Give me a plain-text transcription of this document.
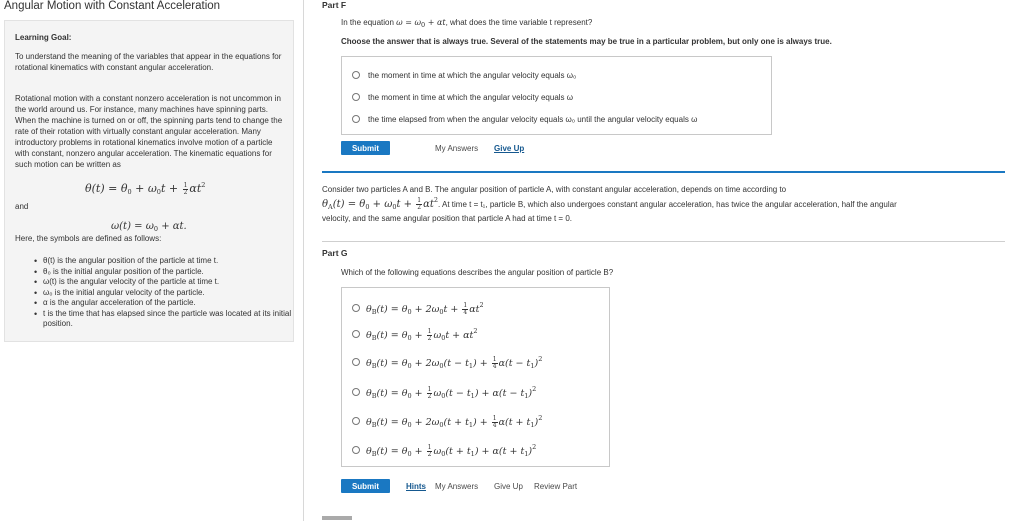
Angular Motion with Constant Acceleration
Learning Goal:
To understand the meaning of the variables that appear in the equations for rotational kinematics with constant angular acceleration.
Rotational motion with a constant nonzero acceleration is not uncommon in the world around us. For instance, many machines have spinning parts. When the machine is turned on or off, the spinning parts tend to change the rate of their rotation with virtually constant angular acceleration. Many introductory problems in rotational kinematics involve motion of a particle with constant, nonzero angular acceleration. The kinematic equations for such motion can be written as
$\theta(t) = \theta_0 + \omega_0t + \frac{1}{2} \alpha t^2$
and
$\omega(t) = \omega_0 + \alpha t$.
Here, the symbols are defined as follows:
• θ(t) is the angular position of the particle at time t.
• θ₀ is the initial angular position of the particle.
• ω(t) is the angular velocity of the particle at time t.
• ω₀ is the initial angular velocity of the particle.
• α is the angular acceleration of the particle.
• t is the time that has elapsed since the particle was located at its initial position.
Part F
In the equation $\omega = \omega_0 + \alpha t$, what does the time variable t represent?
Choose the answer that is always true. Several of the statements may be true in a particular problem, but only one is always true.
the moment in time at which the angular velocity equals ω₀
the moment in time at which the angular velocity equals ω
the time elapsed from when the angular velocity equals ω₀ until the angular velocity equals ω
Submit	My Answers Give Up
Consider two particles A and B. The angular position of particle A, with constant angular acceleration, depends on time according to
$\theta_A(t) = \theta_0 + \omega_0t + \frac{1}{2} \alpha t^2$. At time t = t₁, particle B, which also undergoes constant angular acceleration, has twice the angular acceleration, half the angular
velocity, and the same angular position that particle A had at time t = 0.
Part G
Which of the following equations describes the angular position of particle B?
$\theta_B(t) = \theta_0 + 2\omega_0t + \frac{1}{4} \alpha t^2$
$\theta_B(t) = \theta_0 + \frac{1}{2} \omega_0t + \alpha t^2$
$\theta_B(t) = \theta_0 + 2\omega_0(t - t_1) + \frac{1}{4} \alpha(t - t_1)^2$
$\theta_B(t) = \theta_0 + \frac{1}{2} \omega_0(t - t_1) + \alpha(t - t_1)^2$
$\theta_B(t) = \theta_0 + 2\omega_0(t + t_1) + \frac{1}{4} \alpha(t + t_1)^2$
$\theta_B(t) = \theta_0 + \frac{1}{2} \omega_0(t + t_1) + \alpha(t + t_1)^2$
Submit	Hints My Answers Give Up Review Part
